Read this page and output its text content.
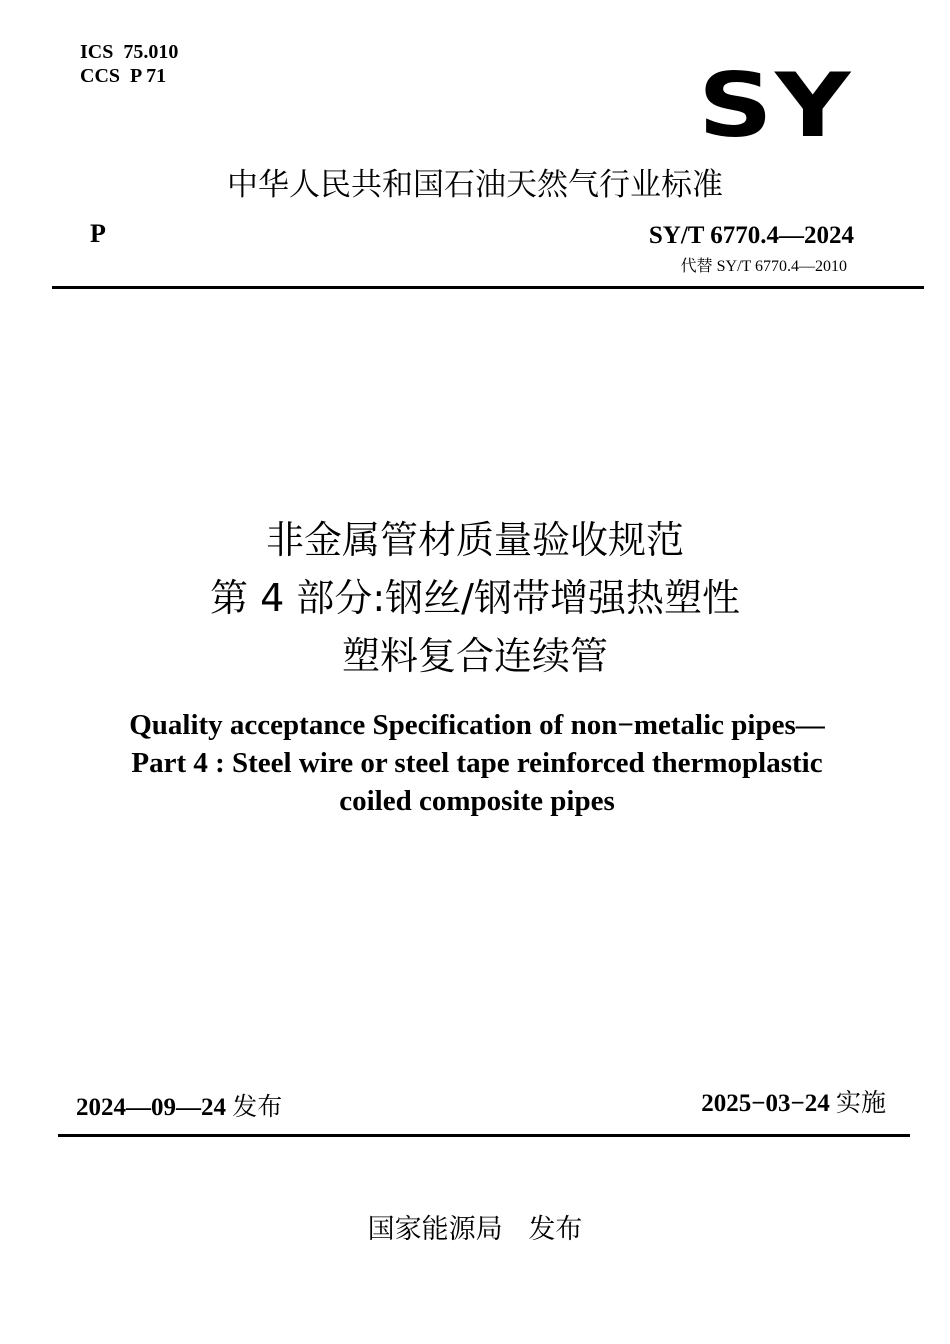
ICS  75.010
CCS  P 71	SY
中华人民共和国石油天然气行业标准
P	SY/T 6770.4—2024
代替 SY/T 6770.4—2010
非金属管材质量验收规范
第 4 部分:钢丝/钢带增强热塑性
塑料复合连续管
Quality acceptance Specification of non−metalic pipes—
Part 4 : Steel wire or steel tape reinforced thermoplastic
coiled composite pipes
2024—09—24 发布	2025−03−24 实施
国家能源局 发布
